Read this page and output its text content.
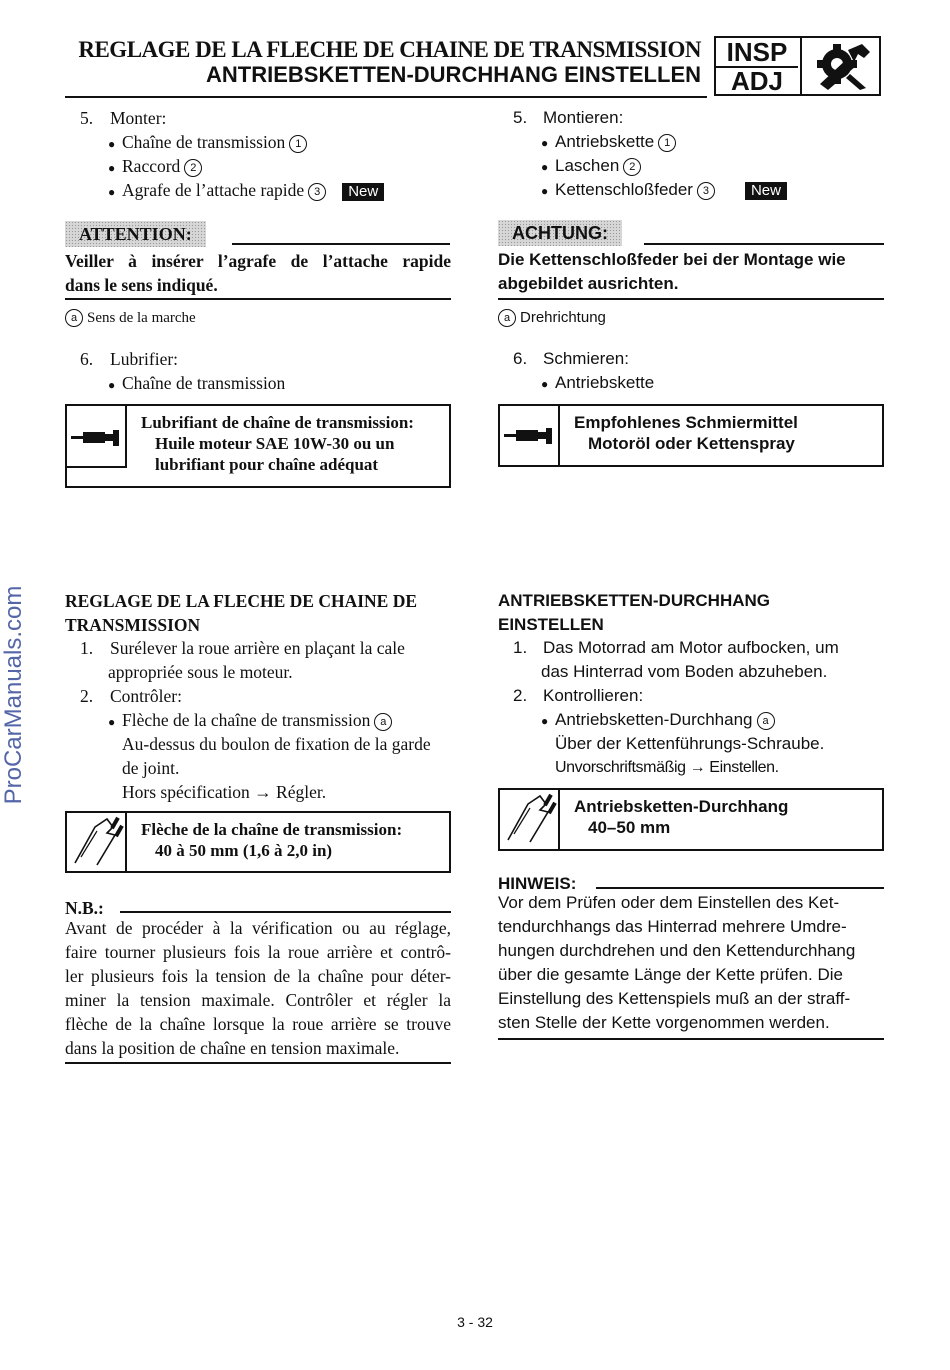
REGLAGE DE LA FLECHE DE CHAINE DE TRANSMISSION
ANTRIEBSKETTEN-DURCHHANG EINSTELLEN
INSP
ADJ
ProCarManuals.com
5. Monter:
● Chaîne de transmission 1
● Raccord 2
● Agrafe de l’attache rapide 3 New
ATTENTION:
Veiller à insérer l’agrafe de l’attache rapide
dans le sens indiqué.
a Sens de la marche
6. Lubrifier:
● Chaîne de transmission
Lubrifiant de chaîne de transmission:
Huile moteur SAE 10W-30 ou un
lubrifiant pour chaîne adéquat
REGLAGE DE LA FLECHE DE CHAINE DE
TRANSMISSION
1. Surélever la roue arrière en plaçant la cale
appropriée sous le moteur.
2. Contrôler:
● Flèche de la chaîne de transmission a
Au-dessus du boulon de fixation de la garde
de joint.
Hors spécification → Régler.
Flèche de la chaîne de transmission:
40 à 50 mm (1,6 à 2,0 in)
N.B.:
Avant de procéder à la vérification ou au réglage,
faire tourner plusieurs fois la roue arrière et contrô-
ler plusieurs fois la tension de la chaîne pour déter-
miner la tension maximale. Contrôler et régler la
flèche de la chaîne lorsque la roue arrière se trouve
dans la position de chaîne en tension maximale.
5. Montieren:
● Antriebskette 1
● Laschen 2
● Kettenschloßfeder 3	New
ACHTUNG:
Die Kettenschloßfeder bei der Montage wie
abgebildet ausrichten.
a Drehrichtung
6. Schmieren:
● Antriebskette
Empfohlenes Schmiermittel
Motoröl oder Kettenspray
ANTRIEBSKETTEN-DURCHHANG
EINSTELLEN
1. Das Motorrad am Motor aufbocken, um
das Hinterrad vom Boden abzuheben.
2. Kontrollieren:
● Antriebsketten-Durchhang a
Über der Kettenführungs-Schraube.
Unvorschriftsmäßig → Einstellen.
Antriebsketten-Durchhang
40–50 mm
HINWEIS:
Vor dem Prüfen oder dem Einstellen des Ket-
tendurchhangs das Hinterrad mehrere Umdre-
hungen durchdrehen und den Kettendurchhang
über die gesamte Länge der Kette prüfen. Die
Einstellung des Kettenspiels muß an der straff-
sten Stelle der Kette vorgenommen werden.
3 - 32
